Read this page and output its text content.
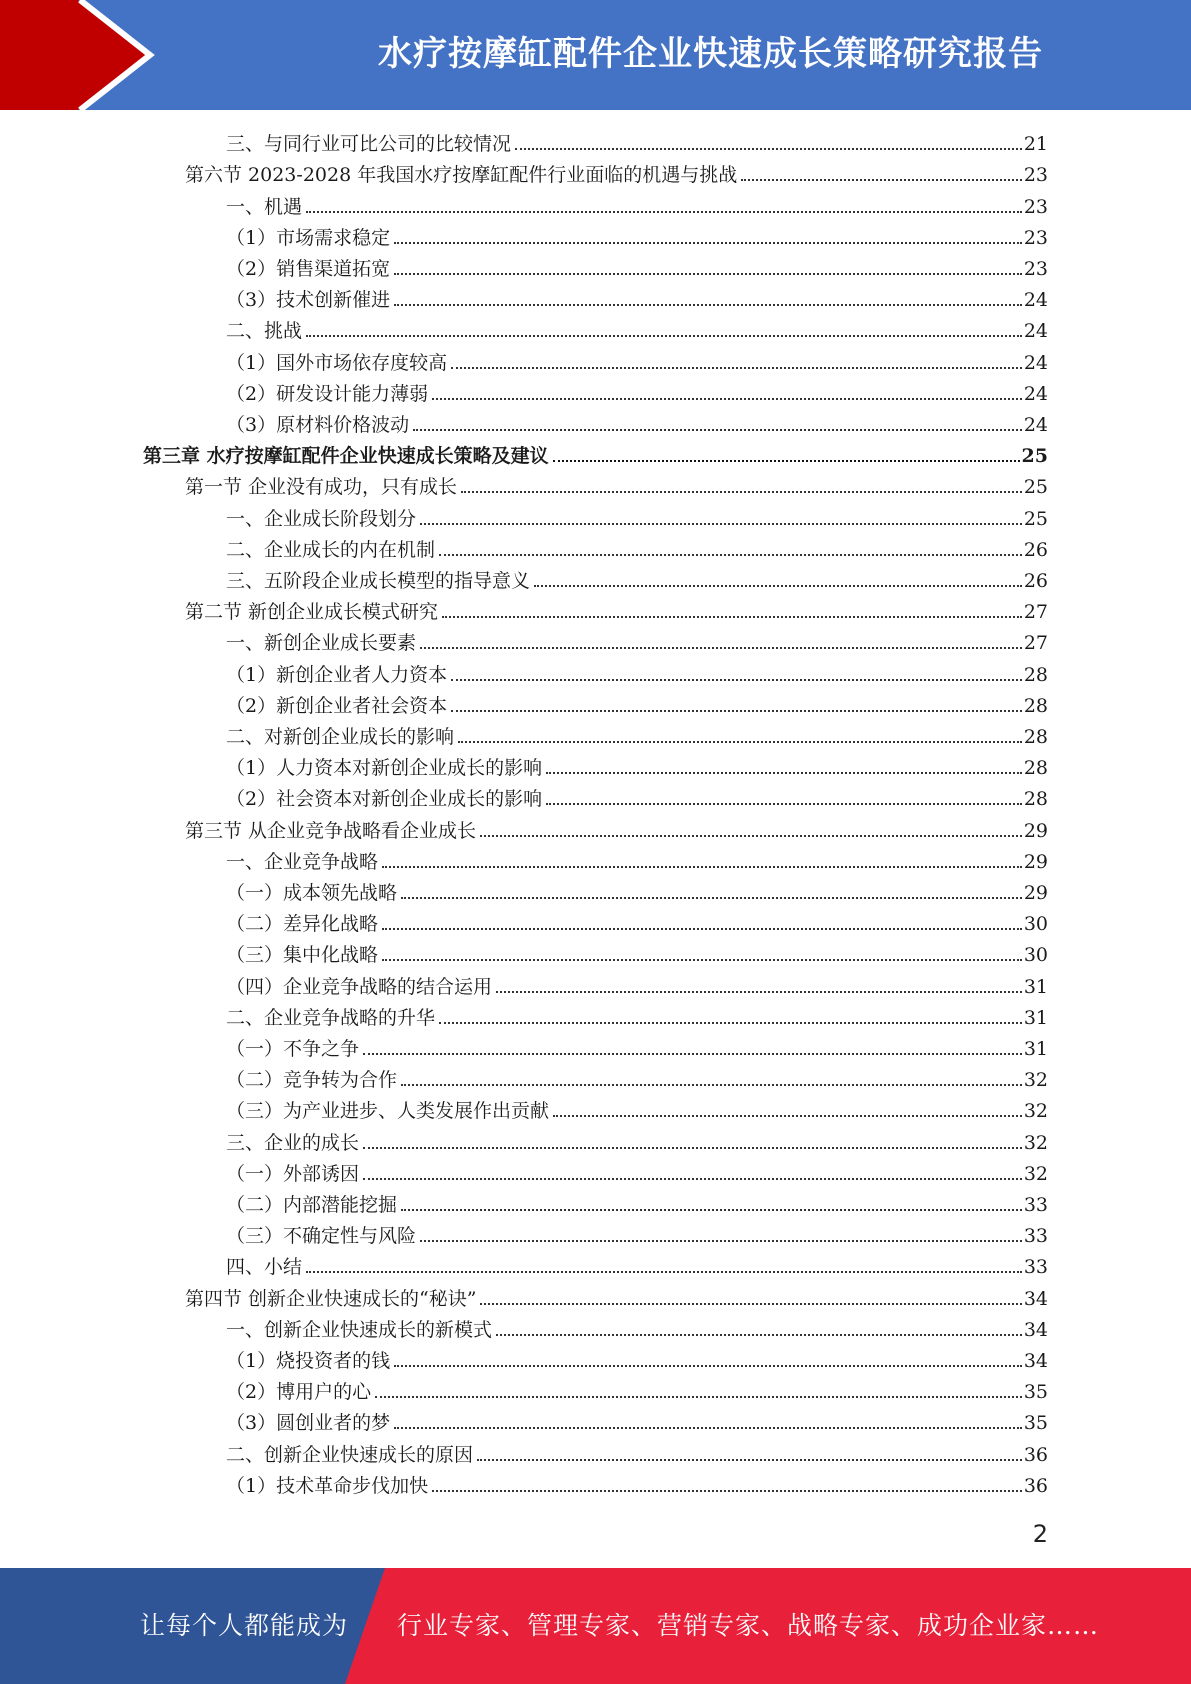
水疗按摩缸配件企业快速成长策略研究报告
三、与同行业可比公司的比较情况	21
第六节 2023-2028 年我国水疗按摩缸配件行业面临的机遇与挑战	23
一、机遇	23
（1）市场需求稳定	23
（2）销售渠道拓宽	23
（3）技术创新催进	24
二、挑战	24
（1）国外市场依存度较高	24
（2）研发设计能力薄弱	24
（3）原材料价格波动	24
第三章 水疗按摩缸配件企业快速成长策略及建议	25
第一节 企业没有成功，只有成长	25
一、企业成长阶段划分	25
二、企业成长的内在机制	26
三、五阶段企业成长模型的指导意义	26
第二节 新创企业成长模式研究	27
一、新创企业成长要素	27
（1）新创企业者人力资本	28
（2）新创企业者社会资本	28
二、对新创企业成长的影响	28
（1）人力资本对新创企业成长的影响	28
（2）社会资本对新创企业成长的影响	28
第三节 从企业竞争战略看企业成长	29
一、企业竞争战略	29
（一）成本领先战略	29
（二）差异化战略	30
（三）集中化战略	30
（四）企业竞争战略的结合运用	31
二、企业竞争战略的升华	31
（一）不争之争	31
（二）竞争转为合作	32
（三）为产业进步、人类发展作出贡献	32
三、企业的成长	32
（一）外部诱因	32
（二）内部潜能挖掘	33
（三）不确定性与风险	33
四、小结	33
第四节 创新企业快速成长的“秘诀”	34
一、创新企业快速成长的新模式	34
（1）烧投资者的钱	34
（2）博用户的心	35
（3）圆创业者的梦	35
二、创新企业快速成长的原因	36
（1）技术革命步伐加快	36
2
让每个人都能成为 行业专家、管理专家、营销专家、战略专家、成功企业家……
